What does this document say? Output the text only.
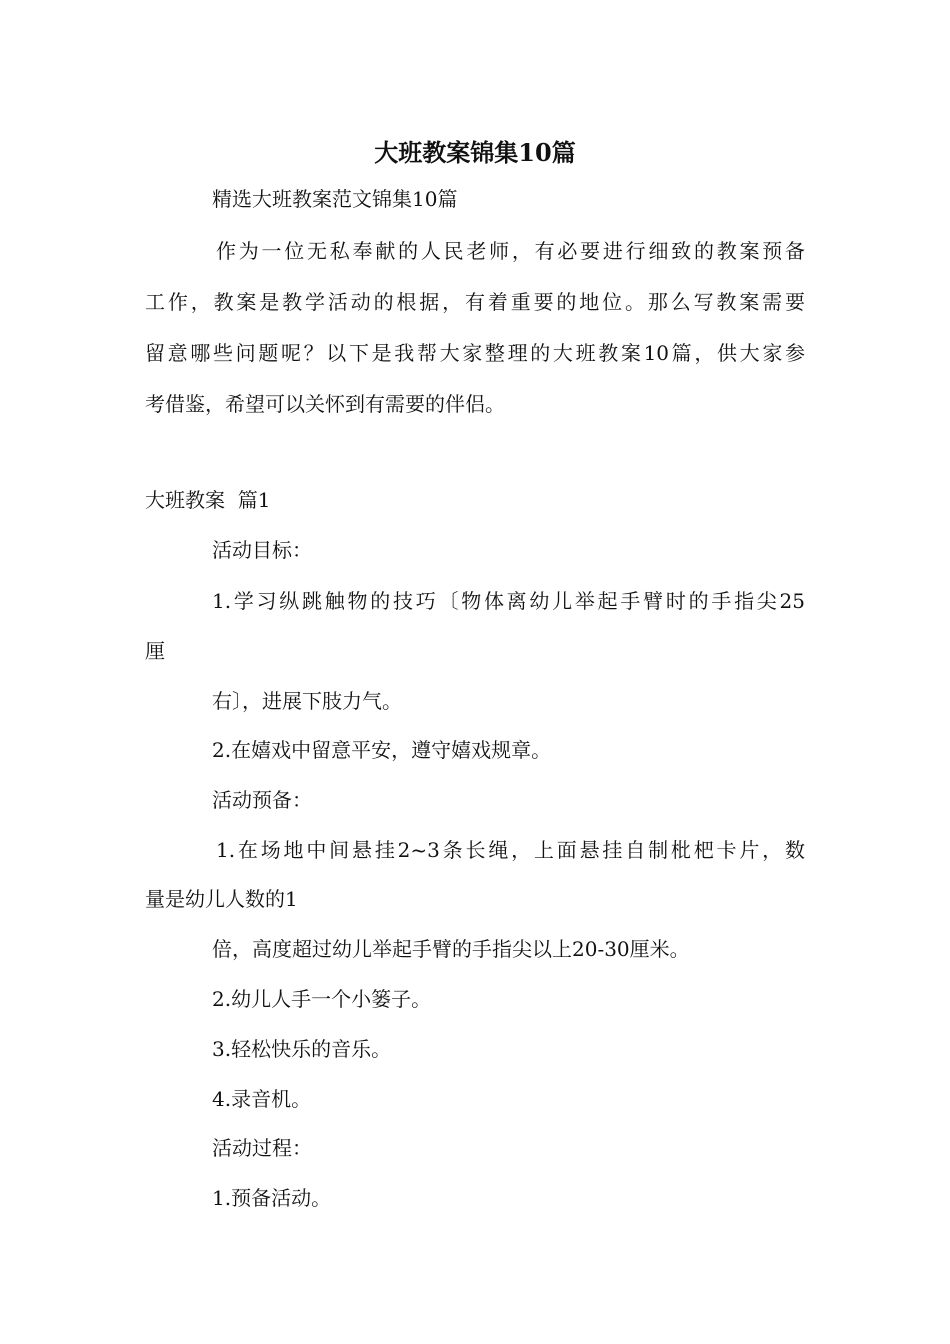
大班教案锦集10篇
精选大班教案范文锦集10篇
作为一位无私奉献的人民老师，有必要进行细致的教案预备
工作，教案是教学活动的根据，有着重要的地位。那么写教案需要
留意哪些问题呢？以下是我帮大家整理的大班教案10篇，供大家参
考借鉴，希望可以关怀到有需要的伴侣。
大班教案  篇1
活动目标：
1.学习纵跳触物的技巧〔物体离幼儿举起手臂时的手指尖25
厘
右〕，进展下肢力气。
2.在嬉戏中留意平安，遵守嬉戏规章。
活动预备：
1.在场地中间悬挂2~3条长绳，上面悬挂自制枇杷卡片，数
量是幼儿人数的1
倍，高度超过幼儿举起手臂的手指尖以上20-30厘米。
2.幼儿人手一个小篓子。
3.轻松快乐的音乐。
4.录音机。
活动过程：
1.预备活动。
